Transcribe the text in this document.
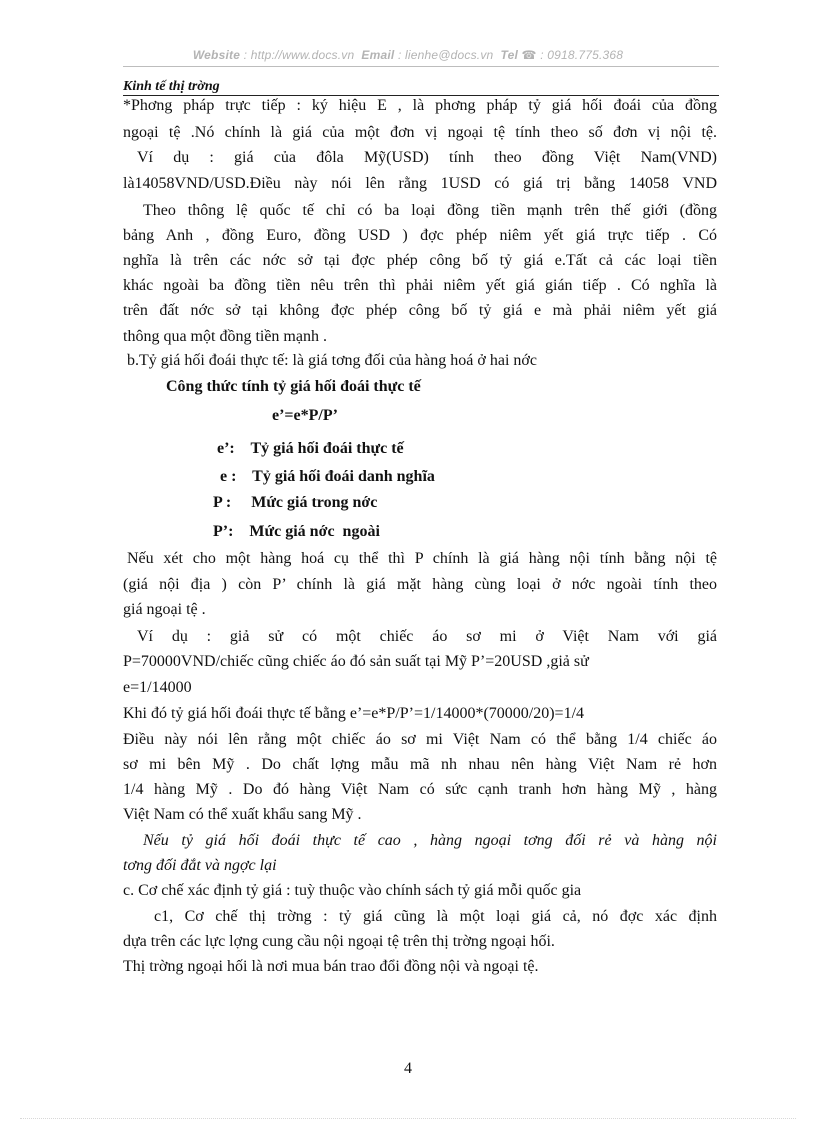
Website : http://www.docs.vn Email : lienhe@docs.vn Tel ☎ : 0918.775.368
Kinh tế thị trờng
*Phơng pháp trực tiếp : ký hiệu E , là phơng pháp tỷ giá hối đoái của đồng
ngoại tệ .Nó chính là giá của một đơn vị ngoại tệ tính theo số đơn vị nội tệ.
Ví dụ : giá của đôla Mỹ(USD) tính theo đồng Việt Nam(VND)
là14058VND/USD.Điều này nói lên rằng 1USD có giá trị bằng 14058 VND
Theo thông lệ quốc tế chỉ có ba loại đồng tiền mạnh trên thế giới (đồng
bảng Anh , đồng Euro, đồng USD ) đợc phép niêm yết giá trực tiếp . Có
nghĩa là trên các nớc sở tại đợc phép công bố tỷ giá e.Tất cả các loại tiền
khác ngoài ba đồng tiền nêu trên thì phải niêm yết giá gián tiếp . Có nghĩa là
trên đất nớc sở tại không đợc phép công bố tỷ giá e mà phải niêm yết giá
thông qua một đồng tiền mạnh .
b.Tỷ giá hối đoái thực tế: là giá tơng đối của hàng hoá ở hai nớc
Công thức tính tỷ giá hối đoái thực tế
e’=e*P/P’
e’:    Tỷ giá hối đoái thực tế
e :    Tỷ giá hối đoái danh nghĩa
P :     Mức giá trong nớc
P’:    Mức giá nớc  ngoài
Nếu xét cho một hàng hoá cụ thể thì P chính là giá hàng nội tính bằng nội tệ
(giá nội địa ) còn P’ chính là giá mặt hàng cùng loại ở nớc ngoài tính theo
giá ngoại tệ .
Ví dụ : giả sử có một chiếc áo sơ mi ở Việt Nam với giá
P=70000VND/chiếc cũng chiếc áo đó sản suất tại Mỹ P’=20USD ,giả sử
e=1/14000
Khi đó tỷ giá hối đoái thực tế bằng e’=e*P/P’=1/14000*(70000/20)=1/4
Điều này nói lên rằng một chiếc áo sơ mi Việt Nam có thể bằng 1/4 chiếc áo
sơ mi bên Mỹ . Do chất lợng mẫu mã nh nhau nên hàng Việt Nam rẻ hơn
1/4 hàng Mỹ . Do đó hàng Việt Nam có sức cạnh tranh hơn hàng Mỹ , hàng
Việt Nam có thể xuất khẩu sang Mỹ .
Nếu tỷ giá hối đoái thực tế cao , hàng ngoại tơng đối rẻ và hàng nội
tơng đối đắt và ngợc lại
c. Cơ chế xác định tỷ giá : tuỳ thuộc vào chính sách tỷ giá mỗi quốc gia
c1, Cơ chế thị trờng : tỷ giá cũng là một loại giá cả, nó đợc xác định
dựa trên các lực lợng cung cầu nội ngoại tệ trên thị trờng ngoại hối.
Thị trờng ngoại hối là nơi mua bán trao đổi đồng nội và ngoại tệ.
4
